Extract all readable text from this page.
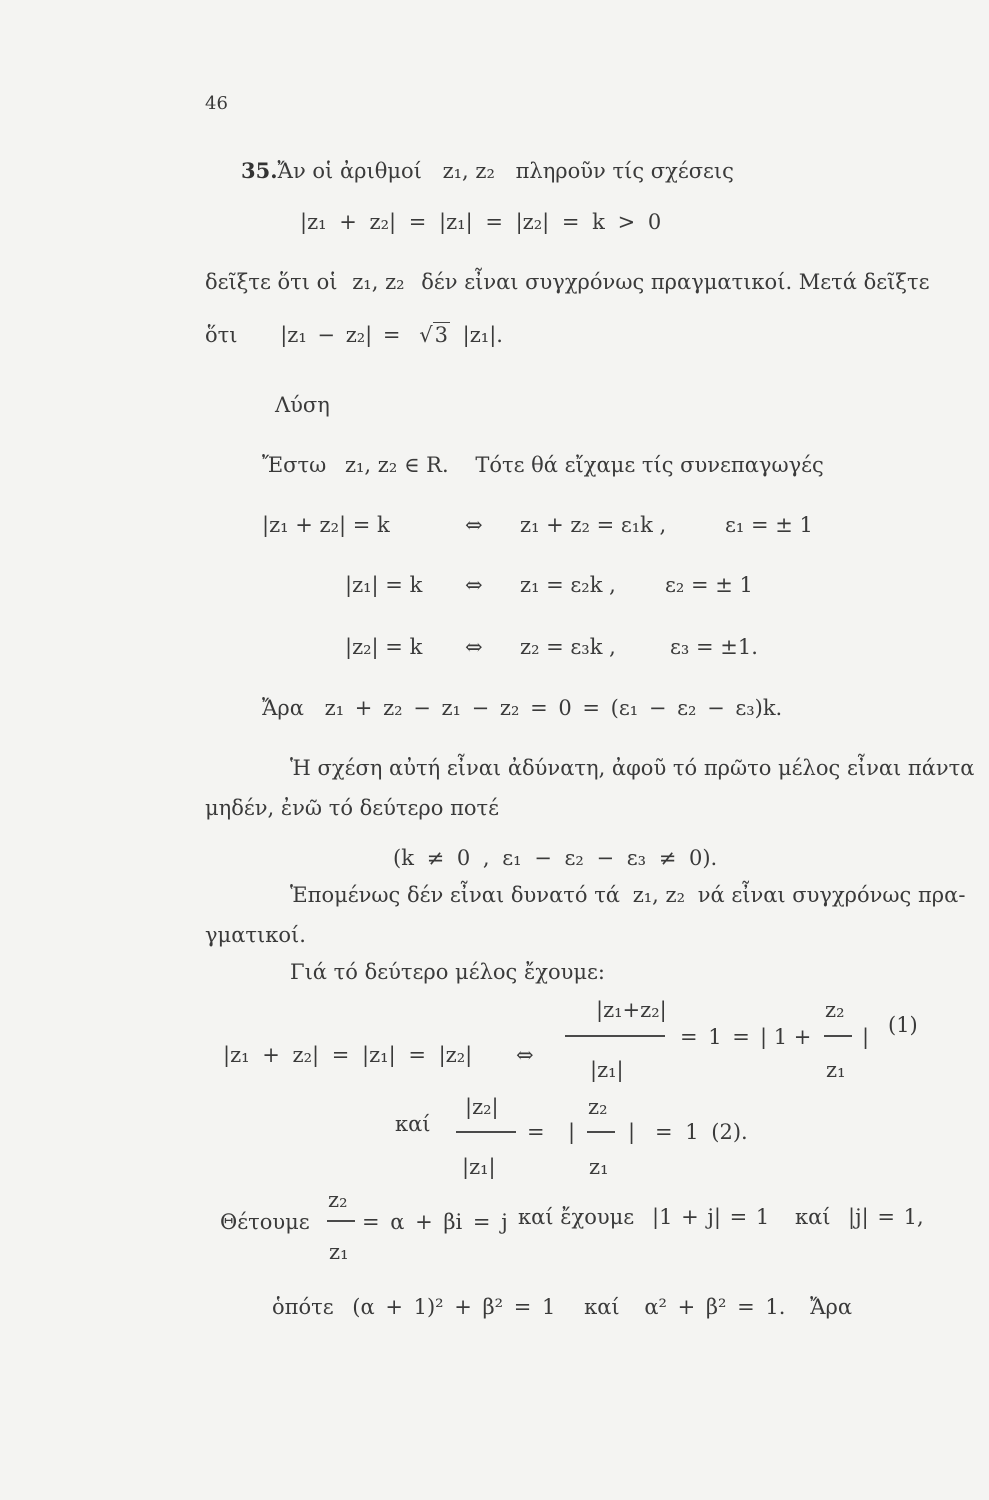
46
35.Ἄν οἱ ἀριθμοί z₁, z₂ πληροῦν τίς σχέσεις
|z₁ + z₂| = |z₁| = |z₂| = k > 0
δεῖξτε ὅτι οἱ z₁, z₂ δέν εἶναι συγχρόνως πραγματικοί. Μετά δεῖξτε
ὅτι |z₁ − z₂| = √3 |z₁|.
Λύση
Ἔστω z₁, z₂ ∈ R. Τότε θά εἴχαμε τίς συνεπαγωγές
|z₁ + z₂| = k	⇔ z₁ + z₂ = ε₁k ,	ε₁ = ± 1
|z₁| = k ⇔ z₁ = ε₂k , ε₂ = ± 1
|z₂| = k ⇔ z₂ = ε₃k ,	ε₃ = ±1.
Ἄρα z₁ + z₂ − z₁ − z₂ = 0 = (ε₁ − ε₂ − ε₃)k.
Ἡ σχέση αὐτή εἶναι ἀδύνατη, ἀφοῦ τό πρῶτο μέλος εἶναι πάντα
μηδέν, ἐνῶ τό δεύτερο ποτέ
(k ≠ 0 , ε₁ − ε₂ − ε₃ ≠ 0).
Ἑπομένως δέν εἶναι δυνατό τά z₁, z₂ νά εἶναι συγχρόνως πρα-
γματικοί.
Γιά τό δεύτερο μέλος ἔχουμε:
|z₁ + z₂| = |z₁| = |z₂| ⇔
|z₁+z₂|
|z₁|
= 1 = | 1 +
z₂
z₁
| (1)
καί
|z₂|
|z₁|
= |
z₂
z₁
| = 1 (2).
Θέτουμε
z₂
z₁
= α + βi = j καί ἔχουμε |1 + j| = 1 καί |j| = 1,
ὁπότε (α + 1)² + β² = 1 καί α² + β² = 1. Ἄρα
